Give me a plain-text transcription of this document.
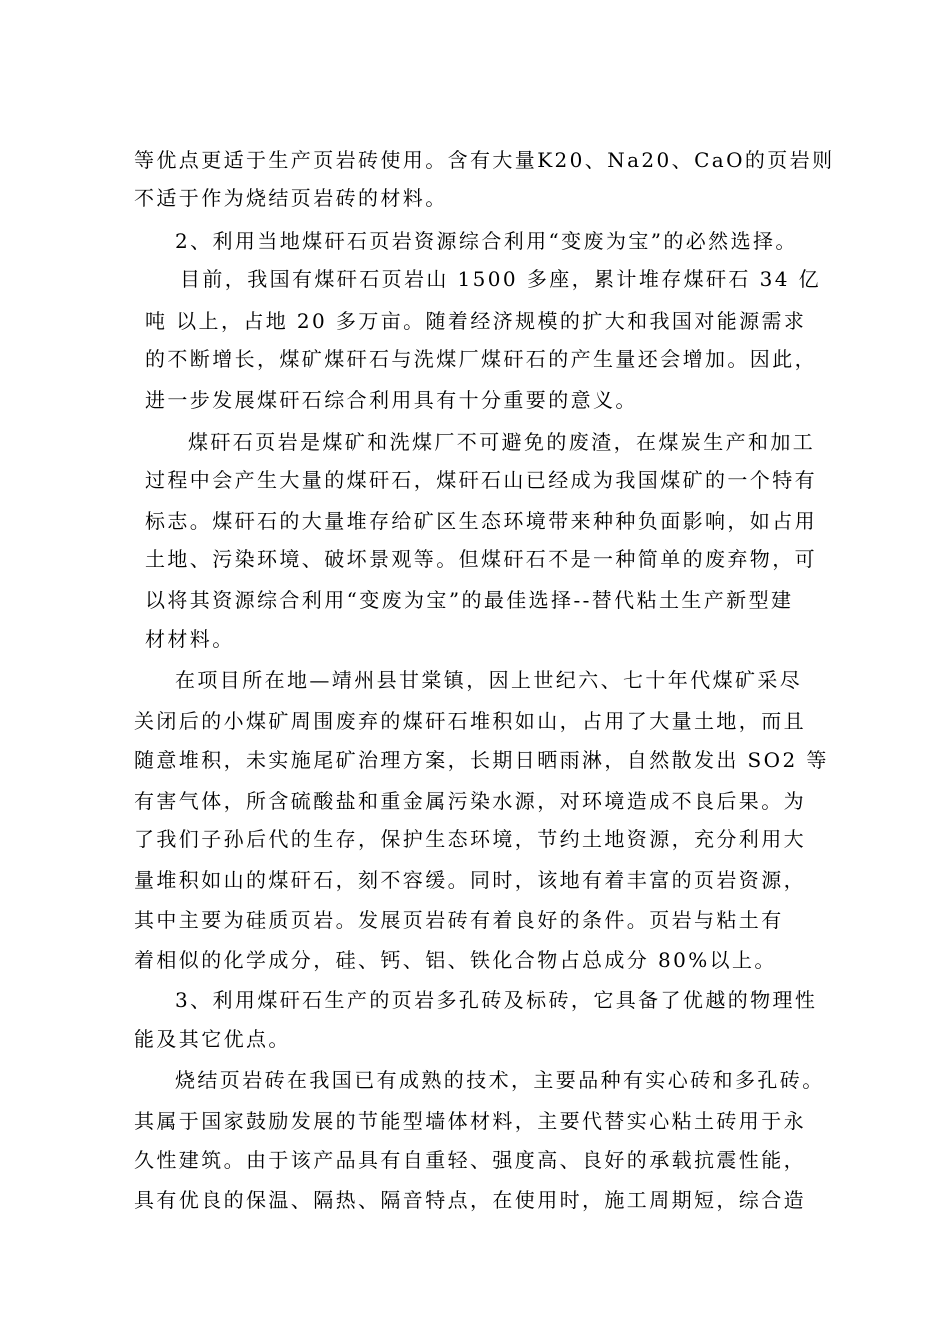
等优点更适于生产页岩砖使用。含有大量K20、Na20、CaO的页岩则
不适于作为烧结页岩砖的材料。
2、利用当地煤矸石页岩资源综合利用“变废为宝”的必然选择。
目前，我国有煤矸石页岩山 1500 多座，累计堆存煤矸石 34 亿
吨 以上，占地 20 多万亩。随着经济规模的扩大和我国对能源需求
的不断增长，煤矿煤矸石与洗煤厂煤矸石的产生量还会增加。因此，
进一步发展煤矸石综合利用具有十分重要的意义。
煤矸石页岩是煤矿和洗煤厂不可避免的废渣，在煤炭生产和加工
过程中会产生大量的煤矸石，煤矸石山已经成为我国煤矿的一个特有
标志。煤矸石的大量堆存给矿区生态环境带来种种负面影响，如占用
土地、污染环境、破坏景观等。但煤矸石不是一种简单的废弃物，可
以将其资源综合利用“变废为宝”的最佳选择--替代粘土生产新型建
材材料。
在项目所在地—靖州县甘棠镇，因上世纪六、七十年代煤矿采尽
关闭后的小煤矿周围废弃的煤矸石堆积如山，占用了大量土地，而且
随意堆积，未实施尾矿治理方案，长期日晒雨淋，自然散发出 SO2 等
有害气体，所含硫酸盐和重金属污染水源，对环境造成不良后果。为
了我们子孙后代的生存，保护生态环境，节约土地资源，充分利用大
量堆积如山的煤矸石，刻不容缓。同时，该地有着丰富的页岩资源，
其中主要为硅质页岩。发展页岩砖有着良好的条件。页岩与粘土有
着相似的化学成分，硅、钙、铝、铁化合物占总成分 80%以上。
3、利用煤矸石生产的页岩多孔砖及标砖，它具备了优越的物理性
能及其它优点。
烧结页岩砖在我国已有成熟的技术，主要品种有实心砖和多孔砖。
其属于国家鼓励发展的节能型墙体材料，主要代替实心粘土砖用于永
久性建筑。由于该产品具有自重轻、强度高、良好的承载抗震性能，
具有优良的保温、隔热、隔音特点，在使用时，施工周期短，综合造
